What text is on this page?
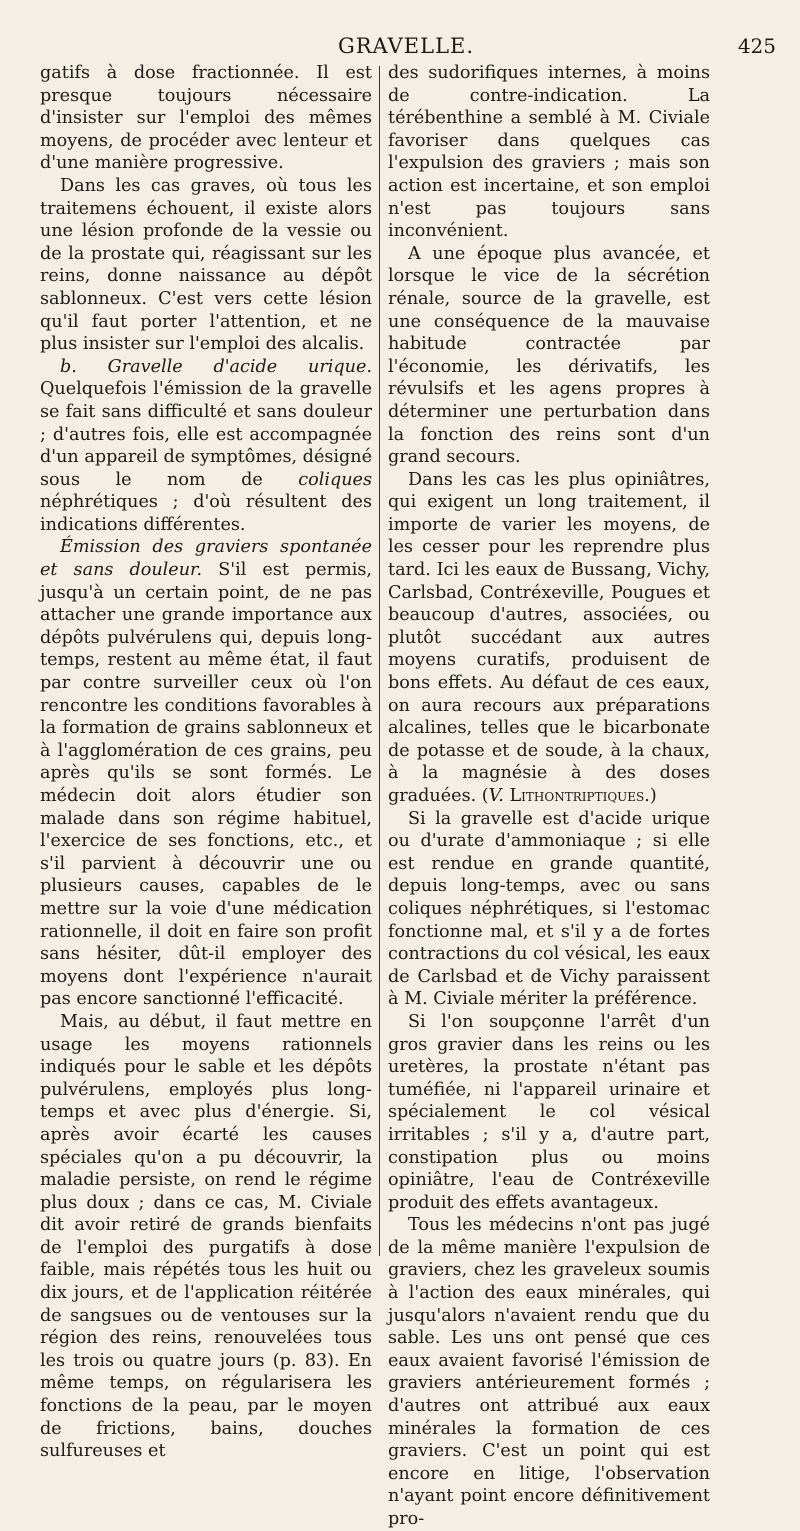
GRAVELLE.	425

gatifs à dose fractionnée. Il est presque toujours nécessaire d'insister sur l'emploi des mêmes moyens, de procéder avec lenteur et d'une manière progressive.

Dans les cas graves, où tous les traitemens échouent, il existe alors une lésion profonde de la vessie ou de la prostate qui, réagissant sur les reins, donne naissance au dépôt sablonneux. C'est vers cette lésion qu'il faut porter l'attention, et ne plus insister sur l'emploi des alcalis.

b. Gravelle d'acide urique. Quelquefois l'émission de la gravelle se fait sans difficulté et sans douleur ; d'autres fois, elle est accompagnée d'un appareil de symptômes, désigné sous le nom de coliques néphrétiques ; d'où résultent des indications différentes.

Émission des graviers spontanée et sans douleur. S'il est permis, jusqu'à un certain point, de ne pas attacher une grande importance aux dépôts pulvérulens qui, depuis long-temps, restent au même état, il faut par contre surveiller ceux où l'on rencontre les conditions favorables à la formation de grains sablonneux et à l'agglomération de ces grains, peu après qu'ils se sont formés. Le médecin doit alors étudier son malade dans son régime habituel, l'exercice de ses fonctions, etc., et s'il parvient à découvrir une ou plusieurs causes, capables de le mettre sur la voie d'une médication rationnelle, il doit en faire son profit sans hésiter, dût-il employer des moyens dont l'expérience n'aurait pas encore sanctionné l'efficacité.

Mais, au début, il faut mettre en usage les moyens rationnels indiqués pour le sable et les dépôts pulvérulens, employés plus long-temps et avec plus d'énergie. Si, après avoir écarté les causes spéciales qu'on a pu découvrir, la maladie persiste, on rend le régime plus doux ; dans ce cas, M. Civiale dit avoir retiré de grands bienfaits de l'emploi des purgatifs à dose faible, mais répétés tous les huit ou dix jours, et de l'application réitérée de sangsues ou de ventouses sur la région des reins, renouvelées tous les trois ou quatre jours (p. 83). En même temps, on régularisera les fonctions de la peau, par le moyen de frictions, bains, douches sulfureuses et

des sudorifiques internes, à moins de contre-indication. La térébenthine a semblé à M. Civiale favoriser dans quelques cas l'expulsion des graviers ; mais son action est incertaine, et son emploi n'est pas toujours sans inconvénient.

A une époque plus avancée, et lorsque le vice de la sécrétion rénale, source de la gravelle, est une conséquence de la mauvaise habitude contractée par l'économie, les dérivatifs, les révulsifs et les agens propres à déterminer une perturbation dans la fonction des reins sont d'un grand secours.

Dans les cas les plus opiniâtres, qui exigent un long traitement, il importe de varier les moyens, de les cesser pour les reprendre plus tard. Ici les eaux de Bussang, Vichy, Carlsbad, Contréxeville, Pougues et beaucoup d'autres, associées, ou plutôt succédant aux autres moyens curatifs, produisent de bons effets. Au défaut de ces eaux, on aura recours aux préparations alcalines, telles que le bicarbonate de potasse et de soude, à la chaux, à la magnésie à des doses graduées. (V. Lithontriptiques.)

Si la gravelle est d'acide urique ou d'urate d'ammoniaque ; si elle est rendue en grande quantité, depuis long-temps, avec ou sans coliques néphrétiques, si l'estomac fonctionne mal, et s'il y a de fortes contractions du col vésical, les eaux de Carlsbad et de Vichy paraissent à M. Civiale mériter la préférence.

Si l'on soupçonne l'arrêt d'un gros gravier dans les reins ou les uretères, la prostate n'étant pas tuméfiée, ni l'appareil urinaire et spécialement le col vésical irritables ; s'il y a, d'autre part, constipation plus ou moins opiniâtre, l'eau de Contréxeville produit des effets avantageux.

Tous les médecins n'ont pas jugé de la même manière l'expulsion de graviers, chez les graveleux soumis à l'action des eaux minérales, qui jusqu'alors n'avaient rendu que du sable. Les uns ont pensé que ces eaux avaient favorisé l'émission de graviers antérieurement formés ; d'autres ont attribué aux eaux minérales la formation de ces graviers. C'est un point qui est encore en litige, l'observation n'ayant point encore définitivement pro-
